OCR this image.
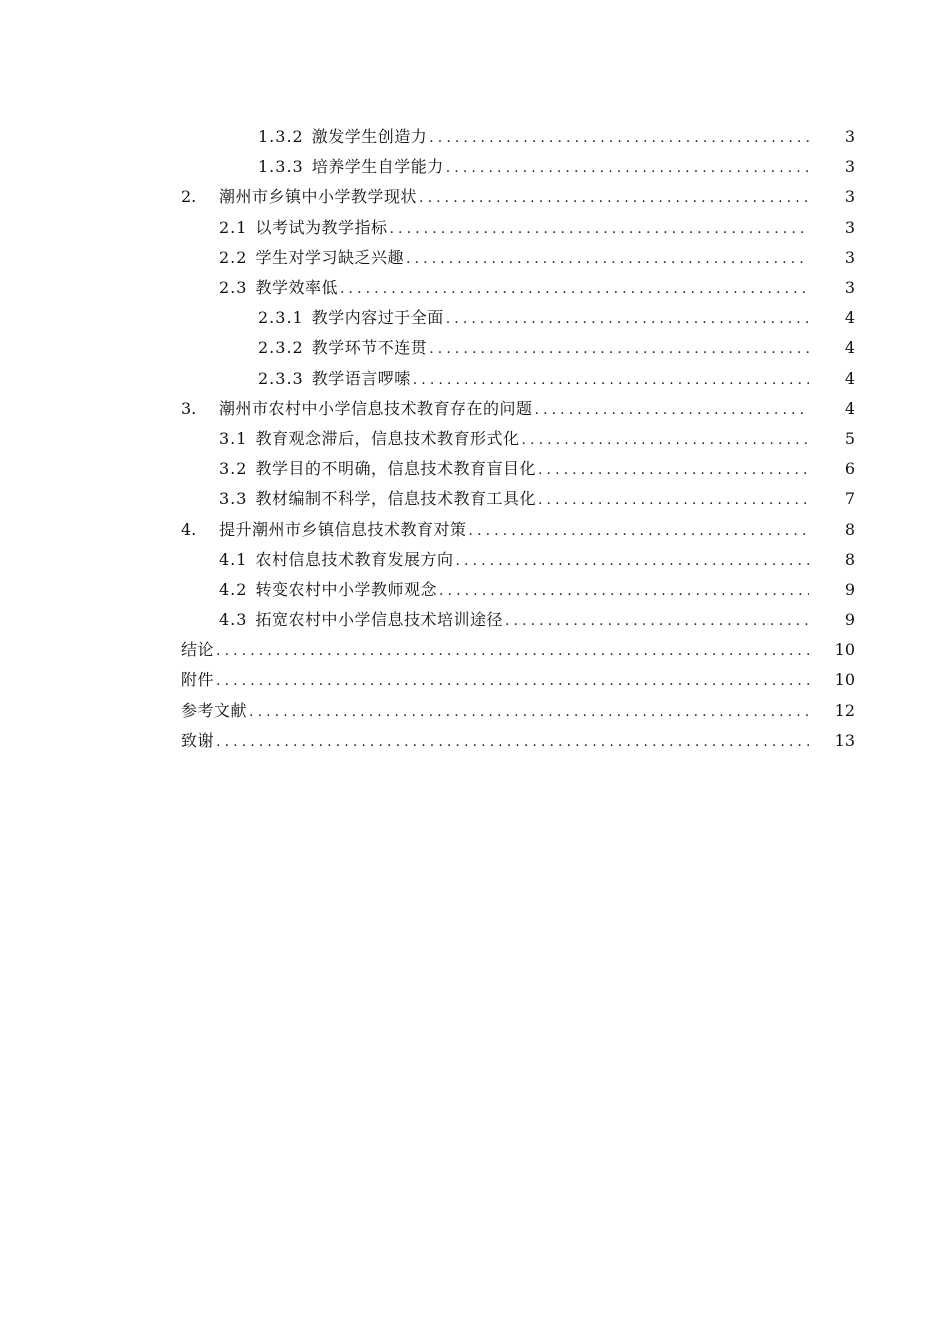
1.3.2 激发学生创造力 .....	3
1.3.3 培养学生自学能力 .....	3
2.	潮州市乡镇中小学教学现状 .....	3
2.1 以考试为教学指标 .....	3
2.2 学生对学习缺乏兴趣 .....	3
2.3 教学效率低 .....	3
2.3.1 教学内容过于全面 .....	4
2.3.2 教学环节不连贯 .....	4
2.3.3 教学语言啰嗦 .....	4
3.	潮州市农村中小学信息技术教育存在的问题 .....	4
3.1 教育观念滞后，信息技术教育形式化 .....	5
3.2 教学目的不明确，信息技术教育盲目化 .....	6
3.3 教材编制不科学，信息技术教育工具化 .....	7
4.	提升潮州市乡镇信息技术教育对策 .....	8
4.1 农村信息技术教育发展方向 .....	8
4.2 转变农村中小学教师观念 .....	9
4.3 拓宽农村中小学信息技术培训途径 .....	9
结论 .....	10
附件 .....	10
参考文献 .....	12
致谢 .....	13
